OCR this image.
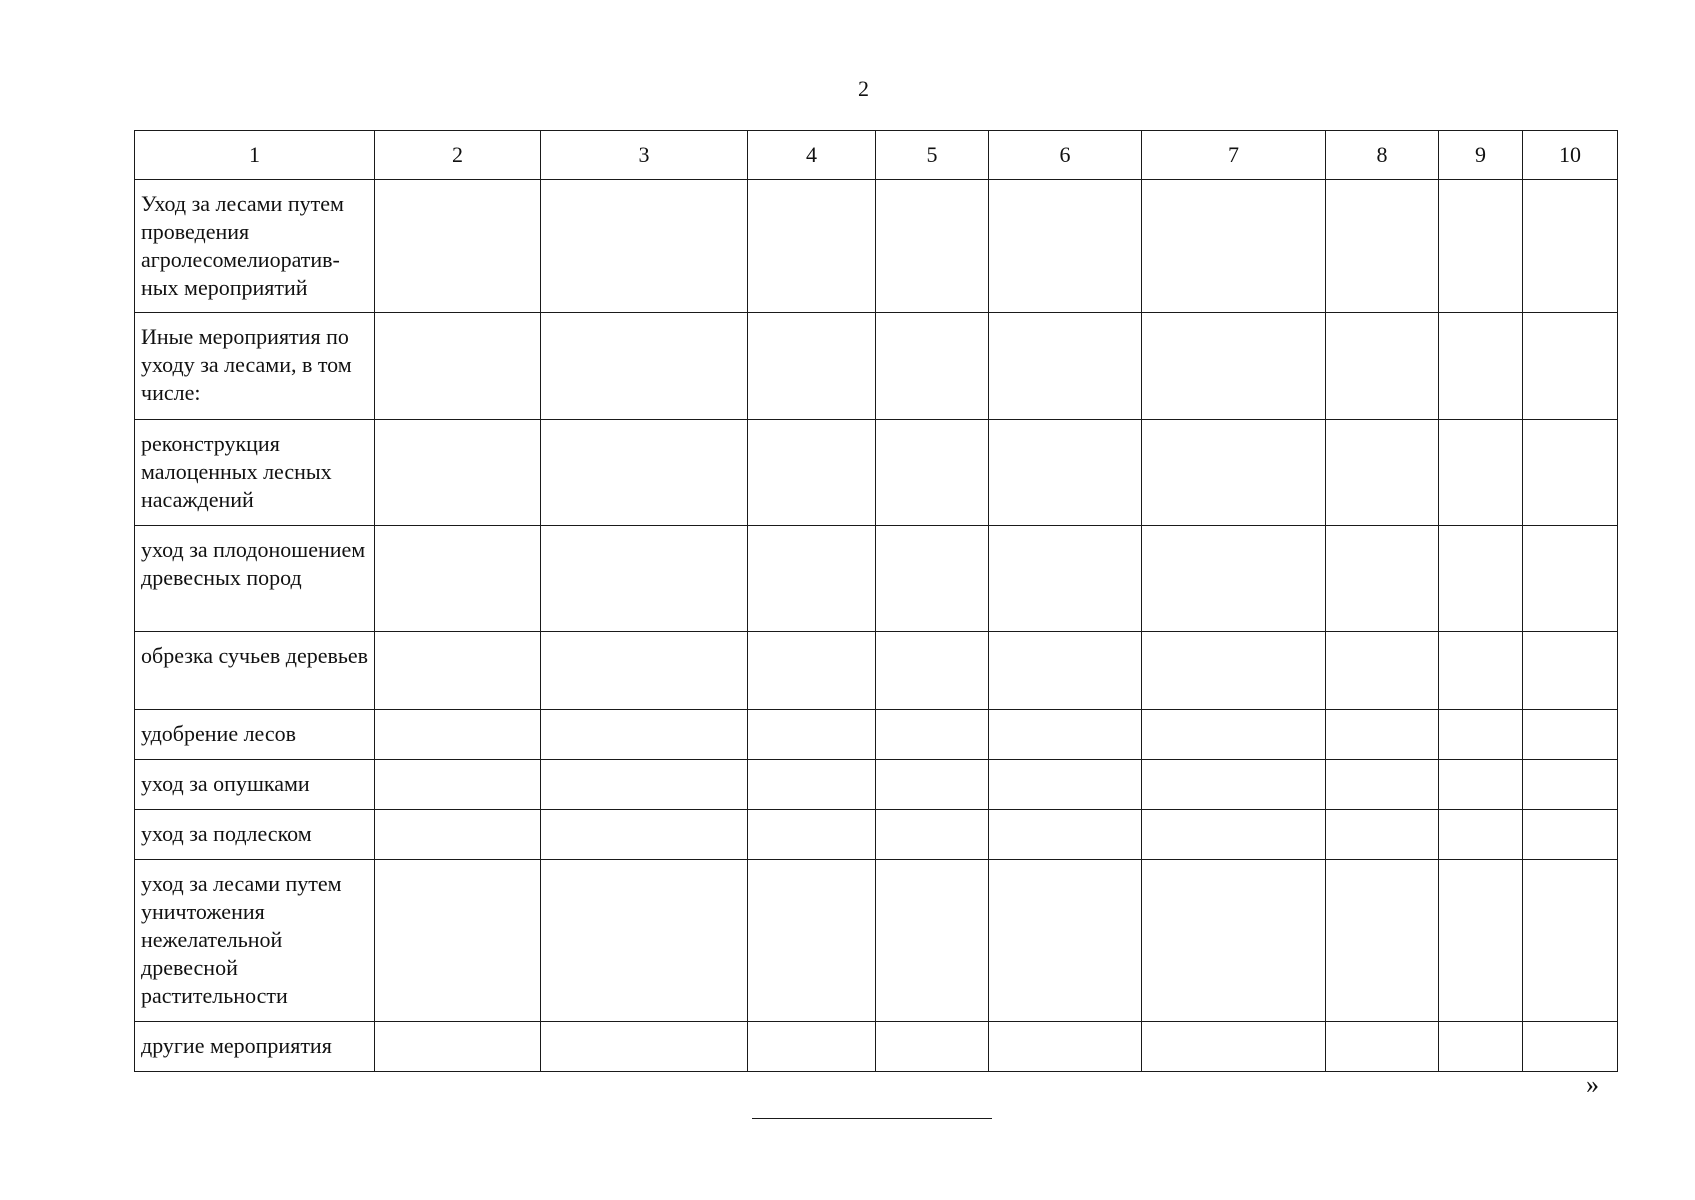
2
1	2	3	4	5	6	7	8	9	10
Уход за лесами путем проведения агролесомелиоратив-ных мероприятий									
Иные мероприятия по уходу за лесами, в том числе:									
реконструкция малоценных лесных насаждений									
уход за плодоношением древесных пород									
обрезка сучьев деревьев									
удобрение лесов									
уход за опушками									
уход за подлеском									
уход за лесами путем уничтожения нежелательной древесной растительности									
другие мероприятия									
»
